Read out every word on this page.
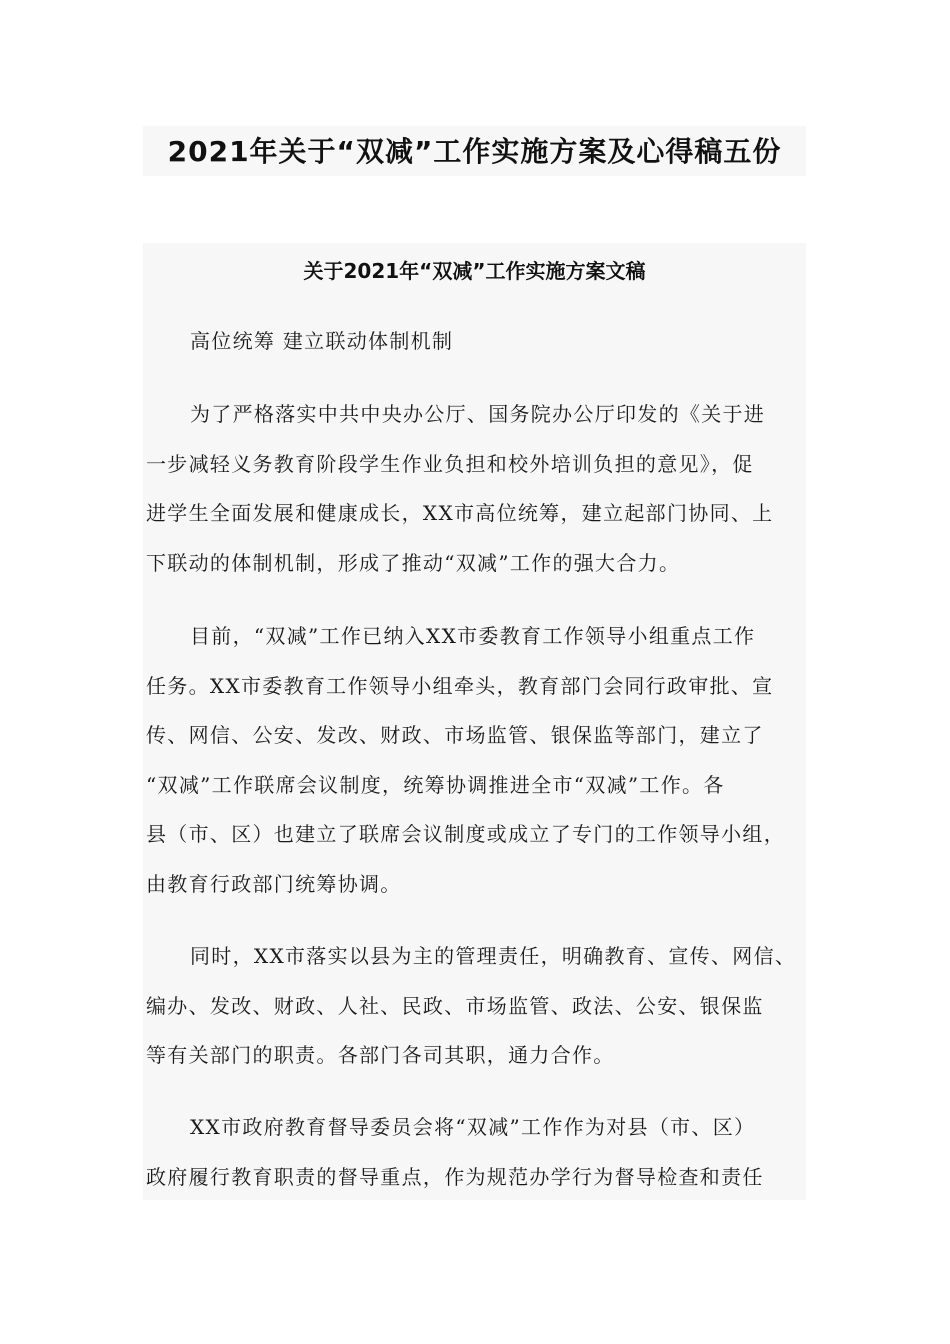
2021年关于“双减”工作实施方案及心得稿五份
关于2021年“双减”工作实施方案文稿
高位统筹 建立联动体制机制
为了严格落实中共中央办公厅、国务院办公厅印发的《关于进
一步减轻义务教育阶段学生作业负担和校外培训负担的意见》，促
进学生全面发展和健康成长，XX市高位统筹，建立起部门协同、上
下联动的体制机制，形成了推动“双减”工作的强大合力。
目前，“双减”工作已纳入XX市委教育工作领导小组重点工作
任务。XX市委教育工作领导小组牵头，教育部门会同行政审批、宣
传、网信、公安、发改、财政、市场监管、银保监等部门，建立了
“双减”工作联席会议制度，统筹协调推进全市“双减”工作。各
县（市、区）也建立了联席会议制度或成立了专门的工作领导小组，
由教育行政部门统筹协调。
同时，XX市落实以县为主的管理责任，明确教育、宣传、网信、
编办、发改、财政、人社、民政、市场监管、政法、公安、银保监
等有关部门的职责。各部门各司其职，通力合作。
XX市政府教育督导委员会将“双减”工作作为对县（市、区）
政府履行教育职责的督导重点，作为规范办学行为督导检查和责任
